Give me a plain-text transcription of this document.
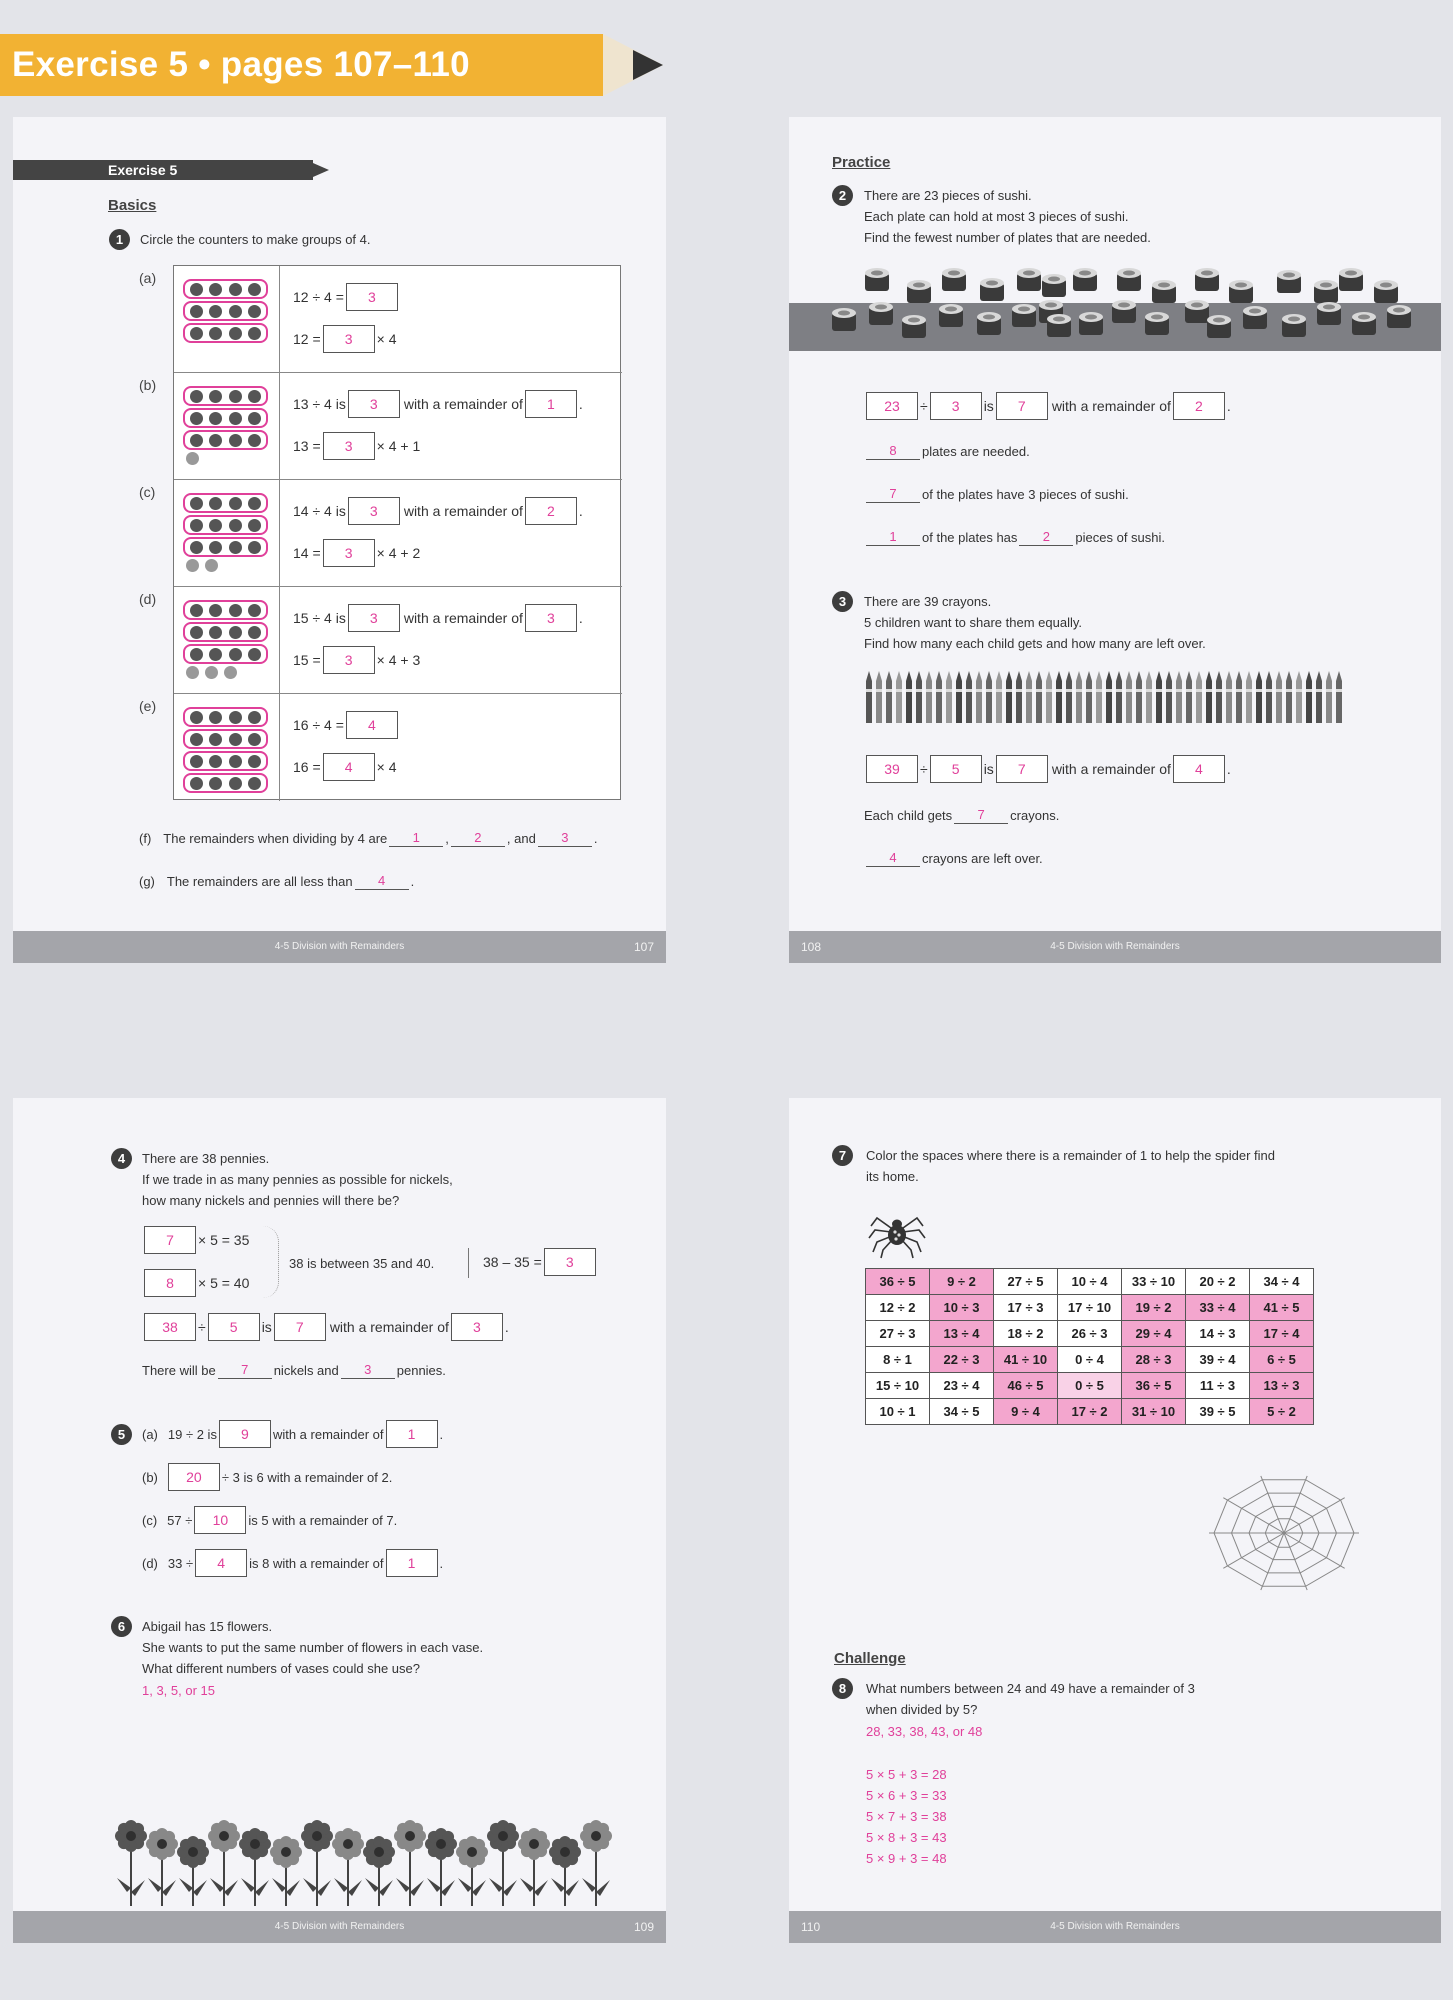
Exercise 5 • pages 107–110
Exercise 5
Basics
1	Circle the counters to make groups of 4.
(a)
12 ÷ 4 =	3
12 =	3	× 4
(b)
13 ÷ 4 is	3	with a remainder of	1	.
13 =	3	× 4 + 1
(c)
14 ÷ 4 is	3	with a remainder of	2	.
14 =	3	× 4 + 2
(d)
15 ÷ 4 is	3	with a remainder of	3	.
15 =	3	× 4 + 3
(e)
16 ÷ 4 =	4
16 =	4	× 4
(f) The remainders when dividing by 4 are	1	,	2	, and	3	.
(g) The remainders are all less than	4	.
4-5 Division with Remainders	107
Practice
2	There are 23 pieces of sushi.
Each plate can hold at most 3 pieces of sushi.
Find the fewest number of plates that are needed.
23	÷	3	is	7	with a remainder of	2	.
8	plates are needed.
7	of the plates have 3 pieces of sushi.
1	of the plates has	2	pieces of sushi.
3	There are 39 crayons.
5 children want to share them equally.
Find how many each child gets and how many are left over.
39	÷	5	is	7	with a remainder of	4	.
Each child gets	7	crayons.
4	crayons are left over.
4-5 Division with Remainders
108
4	There are 38 pennies.
If we trade in as many pennies as possible for nickels,
how many nickels and pennies will there be?
7	× 5 = 35
8	× 5 = 40
38 is between 35 and 40.	38 – 35 =	3
38	÷	5	is	7	with a remainder of	3	.
There will be	7	nickels and	3	pennies.
5	(a) 19 ÷ 2 is	9	with a remainder of	1	.
(b)	20	÷ 3 is 6 with a remainder of 2.
(c) 57 ÷	10	is 5 with a remainder of 7.
(d) 33 ÷	4	is 8 with a remainder of	1	.
6	Abigail has 15 flowers.
She wants to put the same number of flowers in each vase.
What different numbers of vases could she use?
1, 3, 5, or 15
4-5 Division with Remainders	109
7	Color the spaces where there is a remainder of 1 to help the spider find
its home.
36 ÷ 5	9 ÷ 2	27 ÷ 5	10 ÷ 4	33 ÷ 10	20 ÷ 2	34 ÷ 4
12 ÷ 2	10 ÷ 3	17 ÷ 3	17 ÷ 10	19 ÷ 2	33 ÷ 4	41 ÷ 5
27 ÷ 3	13 ÷ 4	18 ÷ 2	26 ÷ 3	29 ÷ 4	14 ÷ 3	17 ÷ 4
8 ÷ 1	22 ÷ 3	41 ÷ 10	0 ÷ 4	28 ÷ 3	39 ÷ 4	6 ÷ 5
15 ÷ 10	23 ÷ 4	46 ÷ 5	0 ÷ 5	36 ÷ 5	11 ÷ 3	13 ÷ 3
10 ÷ 1	34 ÷ 5	9 ÷ 4	17 ÷ 2	31 ÷ 10	39 ÷ 5	5 ÷ 2
Challenge
8	What numbers between 24 and 49 have a remainder of 3
when divided by 5?
28, 33, 38, 43, or 48
5 × 5 + 3 = 28
5 × 6 + 3 = 33
5 × 7 + 3 = 38
5 × 8 + 3 = 43
5 × 9 + 3 = 48
4-5 Division with Remainders
110
